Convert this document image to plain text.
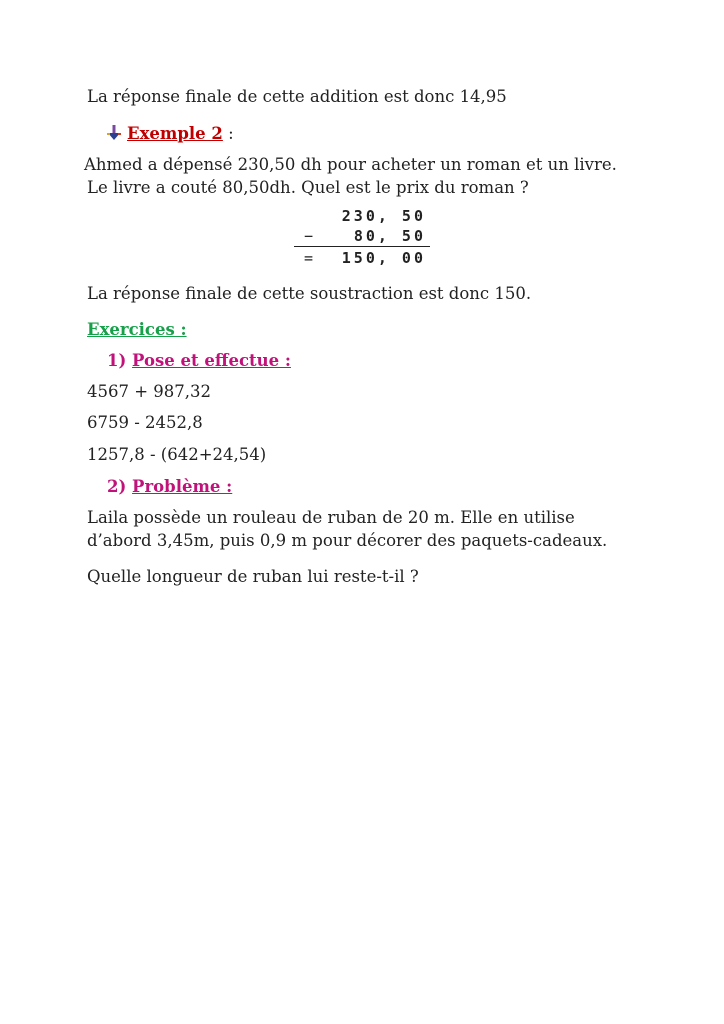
La réponse finale de cette addition est donc 14,95
Exemple 2 :
Ahmed a dépensé 230,50 dh pour acheter un roman et un livre.
Le livre a couté 80,50dh. Quel est le prix du roman ?
230, 50
−	80, 50
= 150, 00
La réponse finale de cette soustraction est donc 150.
Exercices :
1) Pose et effectue :
4567 + 987,32
6759 - 2452,8
1257,8 - (642+24,54)
2) Problème :
Laila possède un rouleau de ruban de 20 m. Elle en utilise
d’abord 3,45m, puis 0,9 m pour décorer des paquets-cadeaux.
Quelle longueur de ruban lui reste-t-il ?
